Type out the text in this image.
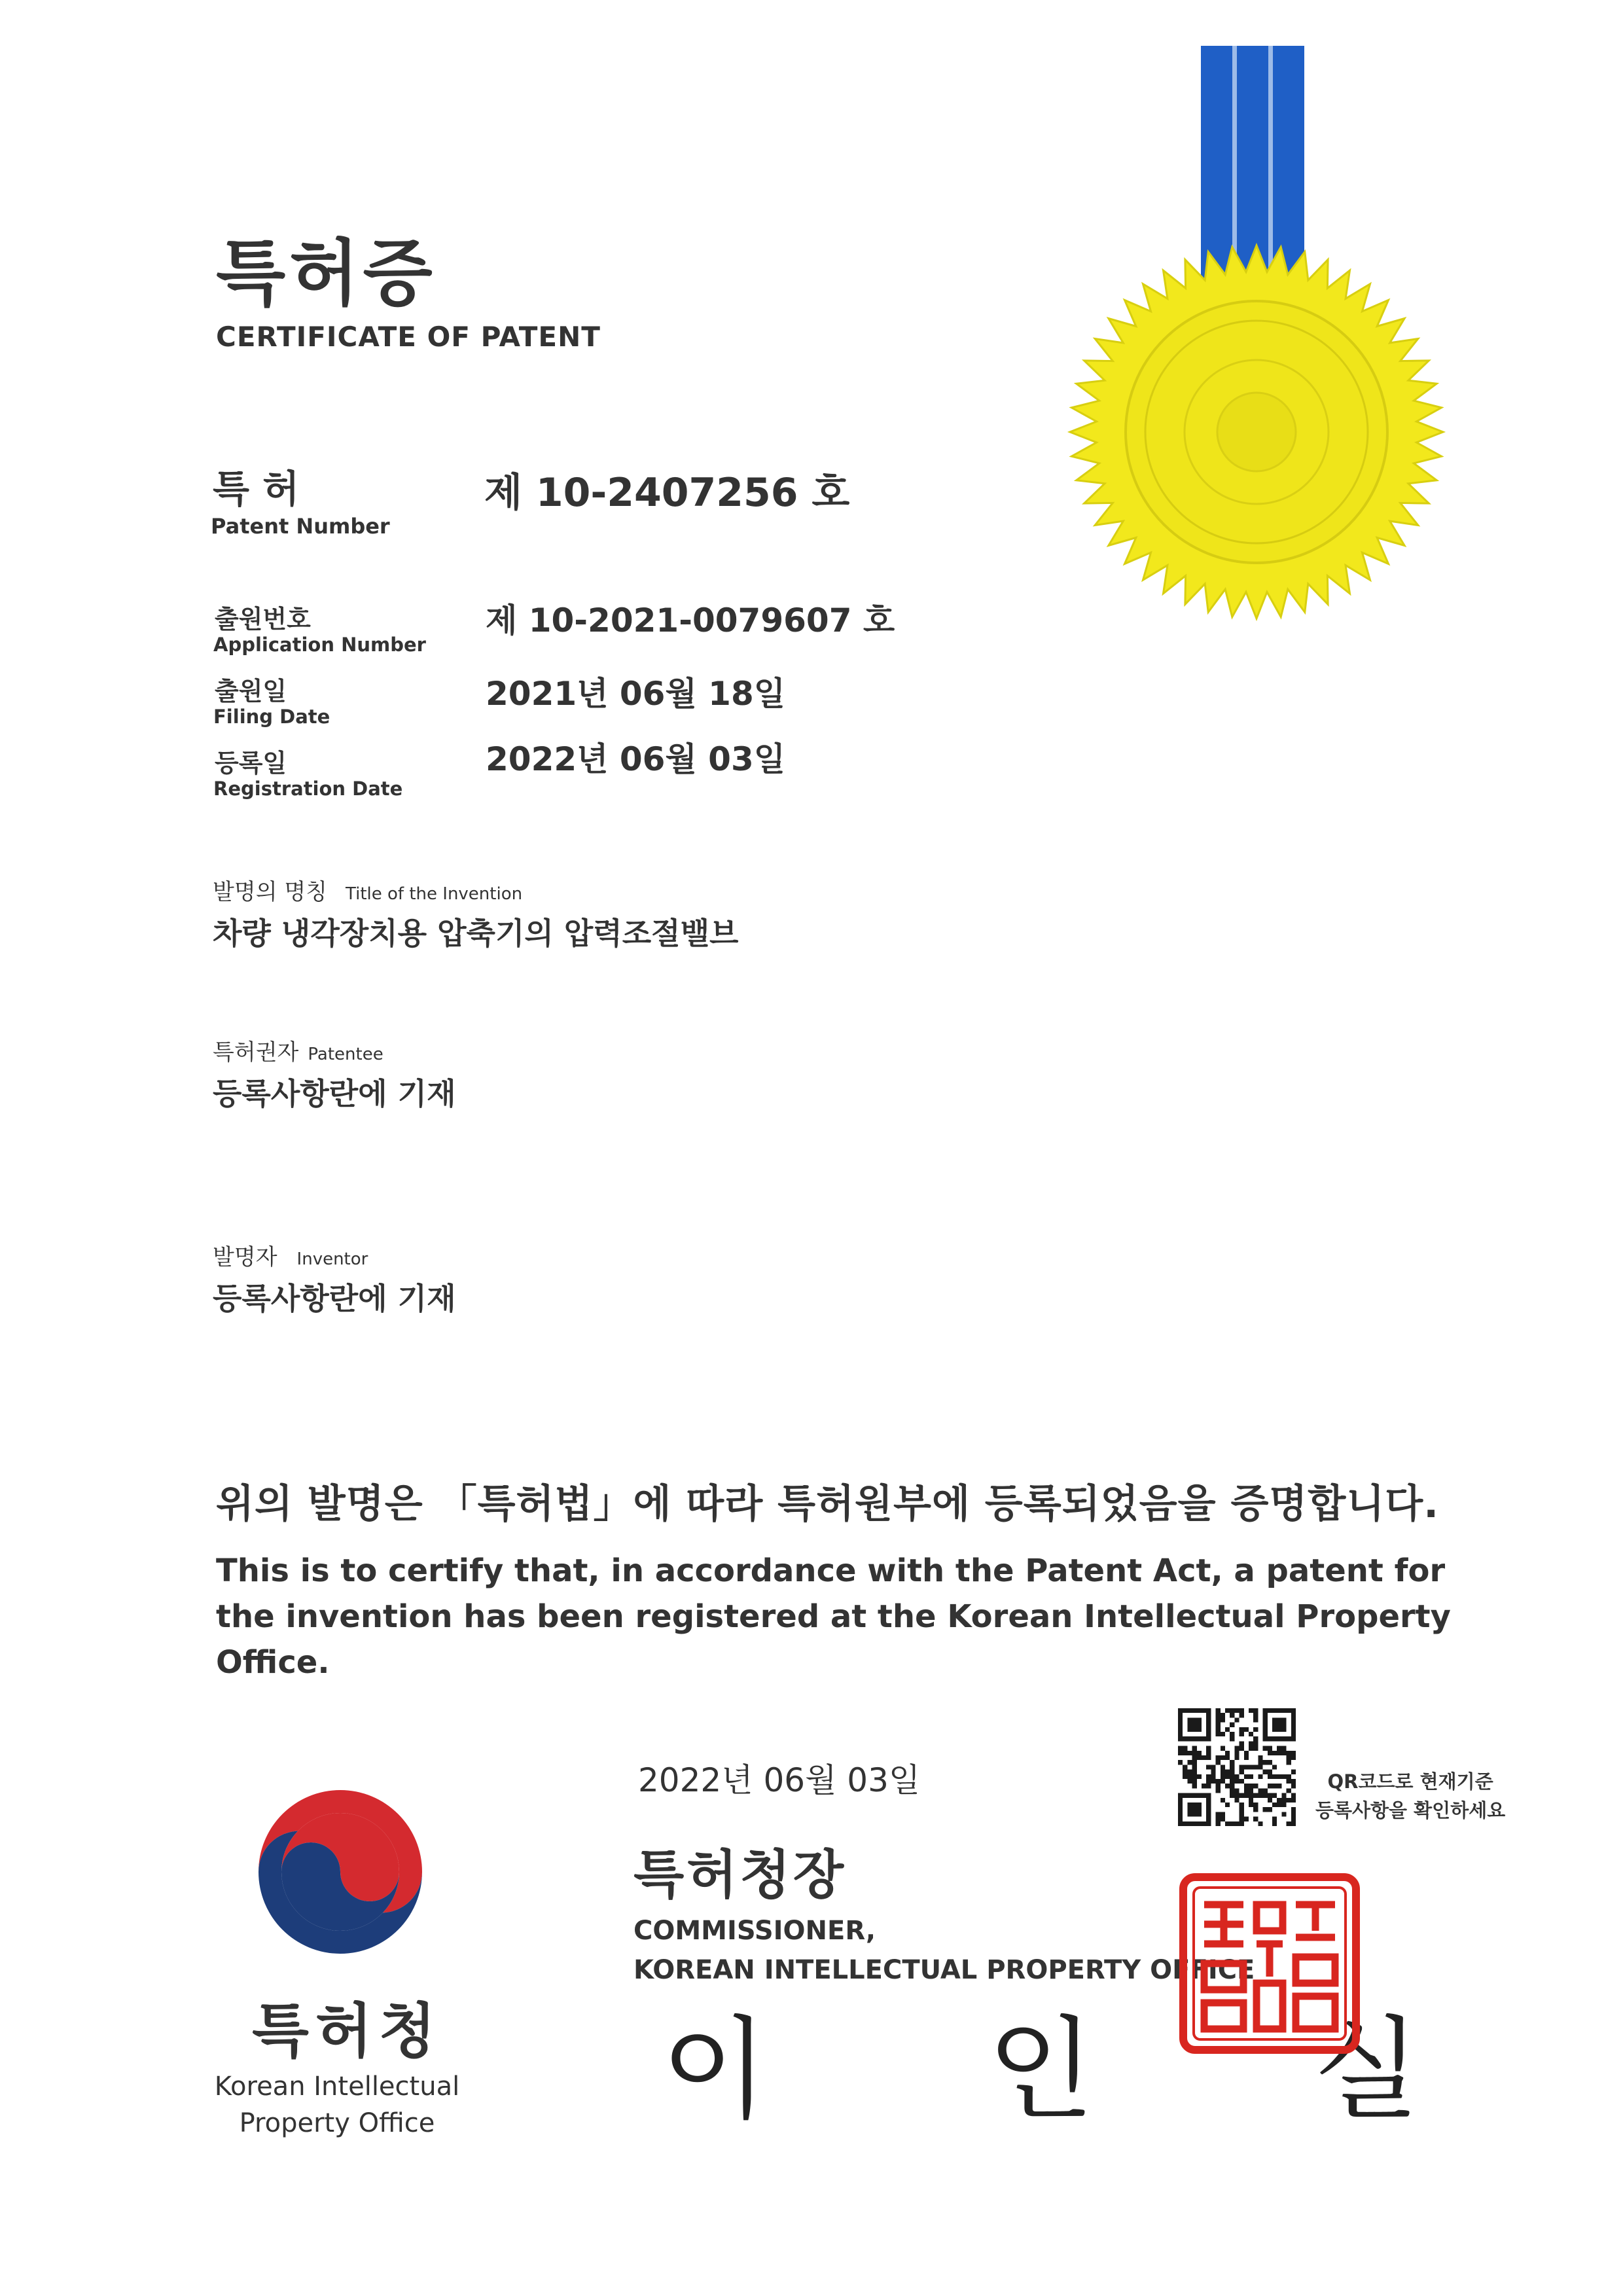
특허증
CERTIFICATE OF PATENT
특 허
Patent Number
제 10-2407256 호
출원번호
Application Number
제 10-2021-0079607 호
출원일
Filing Date
2021년 06월 18일
등록일
Registration Date
2022년 06월 03일
발명의 명칭 Title of the Invention
차량 냉각장치용 압축기의 압력조절밸브
특허권자 Patentee
등록사항란에 기재
발명자 Inventor
등록사항란에 기재
위의 발명은 「특허법」에 따라 특허원부에 등록되었음을 증명합니다.
This is to certify that, in accordance with the Patent Act, a patent for the invention has been registered at the Korean Intellectual Property Office.
특허청
Korean Intellectual
Property Office
2022년 06월 03일
특허청장
COMMISSIONER,
KOREAN INTELLECTUAL PROPERTY OFFICE
이 인 실
QR코드로 현재기준
등록사항을 확인하세요
